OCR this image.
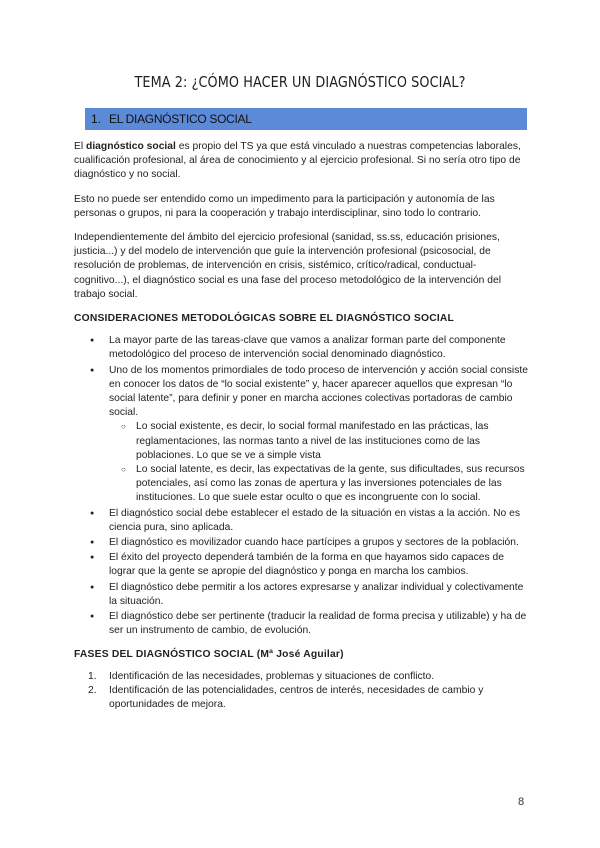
TEMA 2: ¿CÓMO HACER UN DIAGNÓSTICO SOCIAL?
1. EL DIAGNÓSTICO SOCIAL

El diagnóstico social es propio del TS ya que está vinculado a nuestras competencias laborales, cualificación profesional, al área de conocimiento y al ejercicio profesional. Si no sería otro tipo de diagnóstico y no social.

Esto no puede ser entendido como un impedimento para la participación y autonomía de las personas o grupos, ni para la cooperación y trabajo interdisciplinar, sino todo lo contrario.

Independientemente del ámbito del ejercicio profesional (sanidad, ss.ss, educación prisiones, justicia...) y del modelo de intervención que guíe la intervención profesional (psicosocial, de resolución de problemas, de intervención en crisis, sistémico, crítico/radical, conductual-cognitivo...), el diagnóstico social es una fase del proceso metodológico de la intervención del trabajo social.

CONSIDERACIONES METODOLÓGICAS SOBRE EL DIAGNÓSTICO SOCIAL
● La mayor parte de las tareas-clave que vamos a analizar forman parte del componente metodológico del proceso de intervención social denominado diagnóstico.
● Uno de los momentos primordiales de todo proceso de intervención y acción social consiste en conocer los datos de “lo social existente” y, hacer aparecer aquellos que expresan “lo social latente”, para definir y poner en marcha acciones colectivas portadoras de cambio social.
○ Lo social existente, es decir, lo social formal manifestado en las prácticas, las reglamentaciones, las normas tanto a nivel de las instituciones como de las poblaciones. Lo que se ve a simple vista
○ Lo social latente, es decir, las expectativas de la gente, sus dificultades, sus recursos potenciales, así como las zonas de apertura y las inversiones potenciales de las instituciones. Lo que suele estar oculto o que es incongruente con lo social.
● El diagnóstico social debe establecer el estado de la situación en vistas a la acción. No es ciencia pura, sino aplicada.
● El diagnóstico es movilizador cuando hace partícipes a grupos y sectores de la población.
● El éxito del proyecto dependerá también de la forma en que hayamos sido capaces de lograr que la gente se apropie del diagnóstico y ponga en marcha los cambios.
● El diagnóstico debe permitir a los actores expresarse y analizar individual y colectivamente la situación.
● El diagnóstico debe ser pertinente (traducir la realidad de forma precisa y utilizable) y ha de ser un instrumento de cambio, de evolución.
FASES DEL DIAGNÓSTICO SOCIAL (Mª José Aguilar)
1. Identificación de las necesidades, problemas y situaciones de conflicto.
2. Identificación de las potencialidades, centros de interés, necesidades de cambio y oportunidades de mejora.
8
